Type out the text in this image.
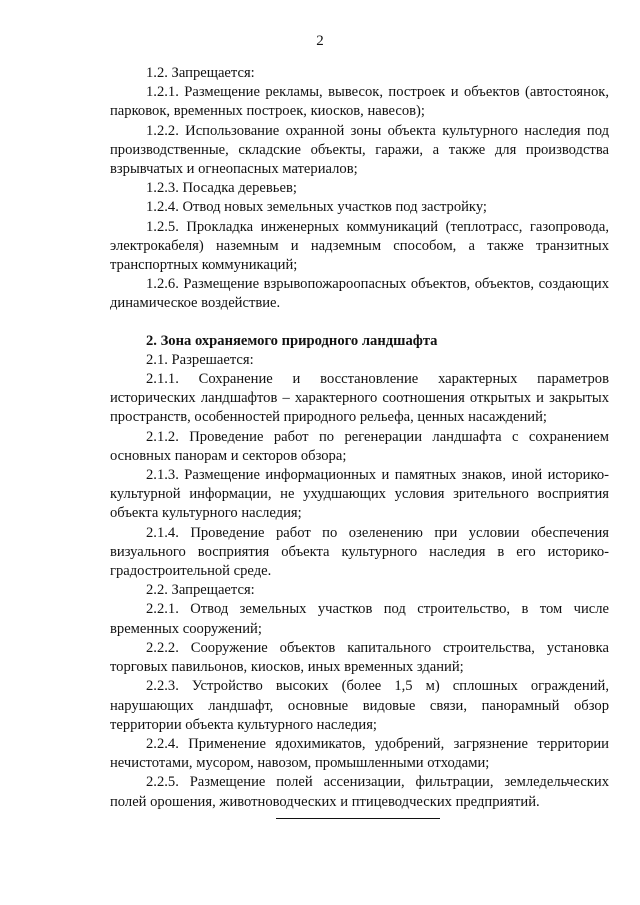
2

1.2. Запрещается:

1.2.1. Размещение рекламы, вывесок, построек и объектов (автостоянок, парковок, временных построек, киосков, навесов);

1.2.2. Использование охранной зоны объекта культурного наследия под производственные, складские объекты, гаражи, а также для производства взрывчатых и огнеопасных материалов;

1.2.3. Посадка деревьев;

1.2.4. Отвод новых земельных участков под застройку;

1.2.5. Прокладка инженерных коммуникаций (теплотрасс, газопровода, электрокабеля) наземным и надземным способом, а также транзитных транспортных коммуникаций;

1.2.6. Размещение взрывопожароопасных объектов, объектов, создающих динамическое воздействие.

2. Зона охраняемого природного ландшафта

2.1. Разрешается:

2.1.1. Сохранение и восстановление характерных параметров исторических ландшафтов – характерного соотношения открытых и закрытых пространств, особенностей природного рельефа, ценных насаждений;

2.1.2. Проведение работ по регенерации ландшафта с сохранением основных панорам и секторов обзора;

2.1.3. Размещение информационных и памятных знаков, иной историко-культурной информации, не ухудшающих условия зрительного восприятия объекта культурного наследия;

2.1.4. Проведение работ по озеленению при условии обеспечения визуального восприятия объекта культурного наследия в его историко-градостроительной среде.

2.2. Запрещается:

2.2.1. Отвод земельных участков под строительство, в том числе временных сооружений;

2.2.2. Сооружение объектов капитального строительства, установка торговых павильонов, киосков, иных временных зданий;

2.2.3. Устройство высоких (более 1,5 м) сплошных ограждений, нарушающих ландшафт, основные видовые связи, панорамный обзор территории объекта культурного наследия;

2.2.4. Применение ядохимикатов, удобрений, загрязнение территории нечистотами, мусором, навозом, промышленными отходами;

2.2.5. Размещение полей ассенизации, фильтрации, земледельческих полей орошения, животноводческих и птицеводческих предприятий.
